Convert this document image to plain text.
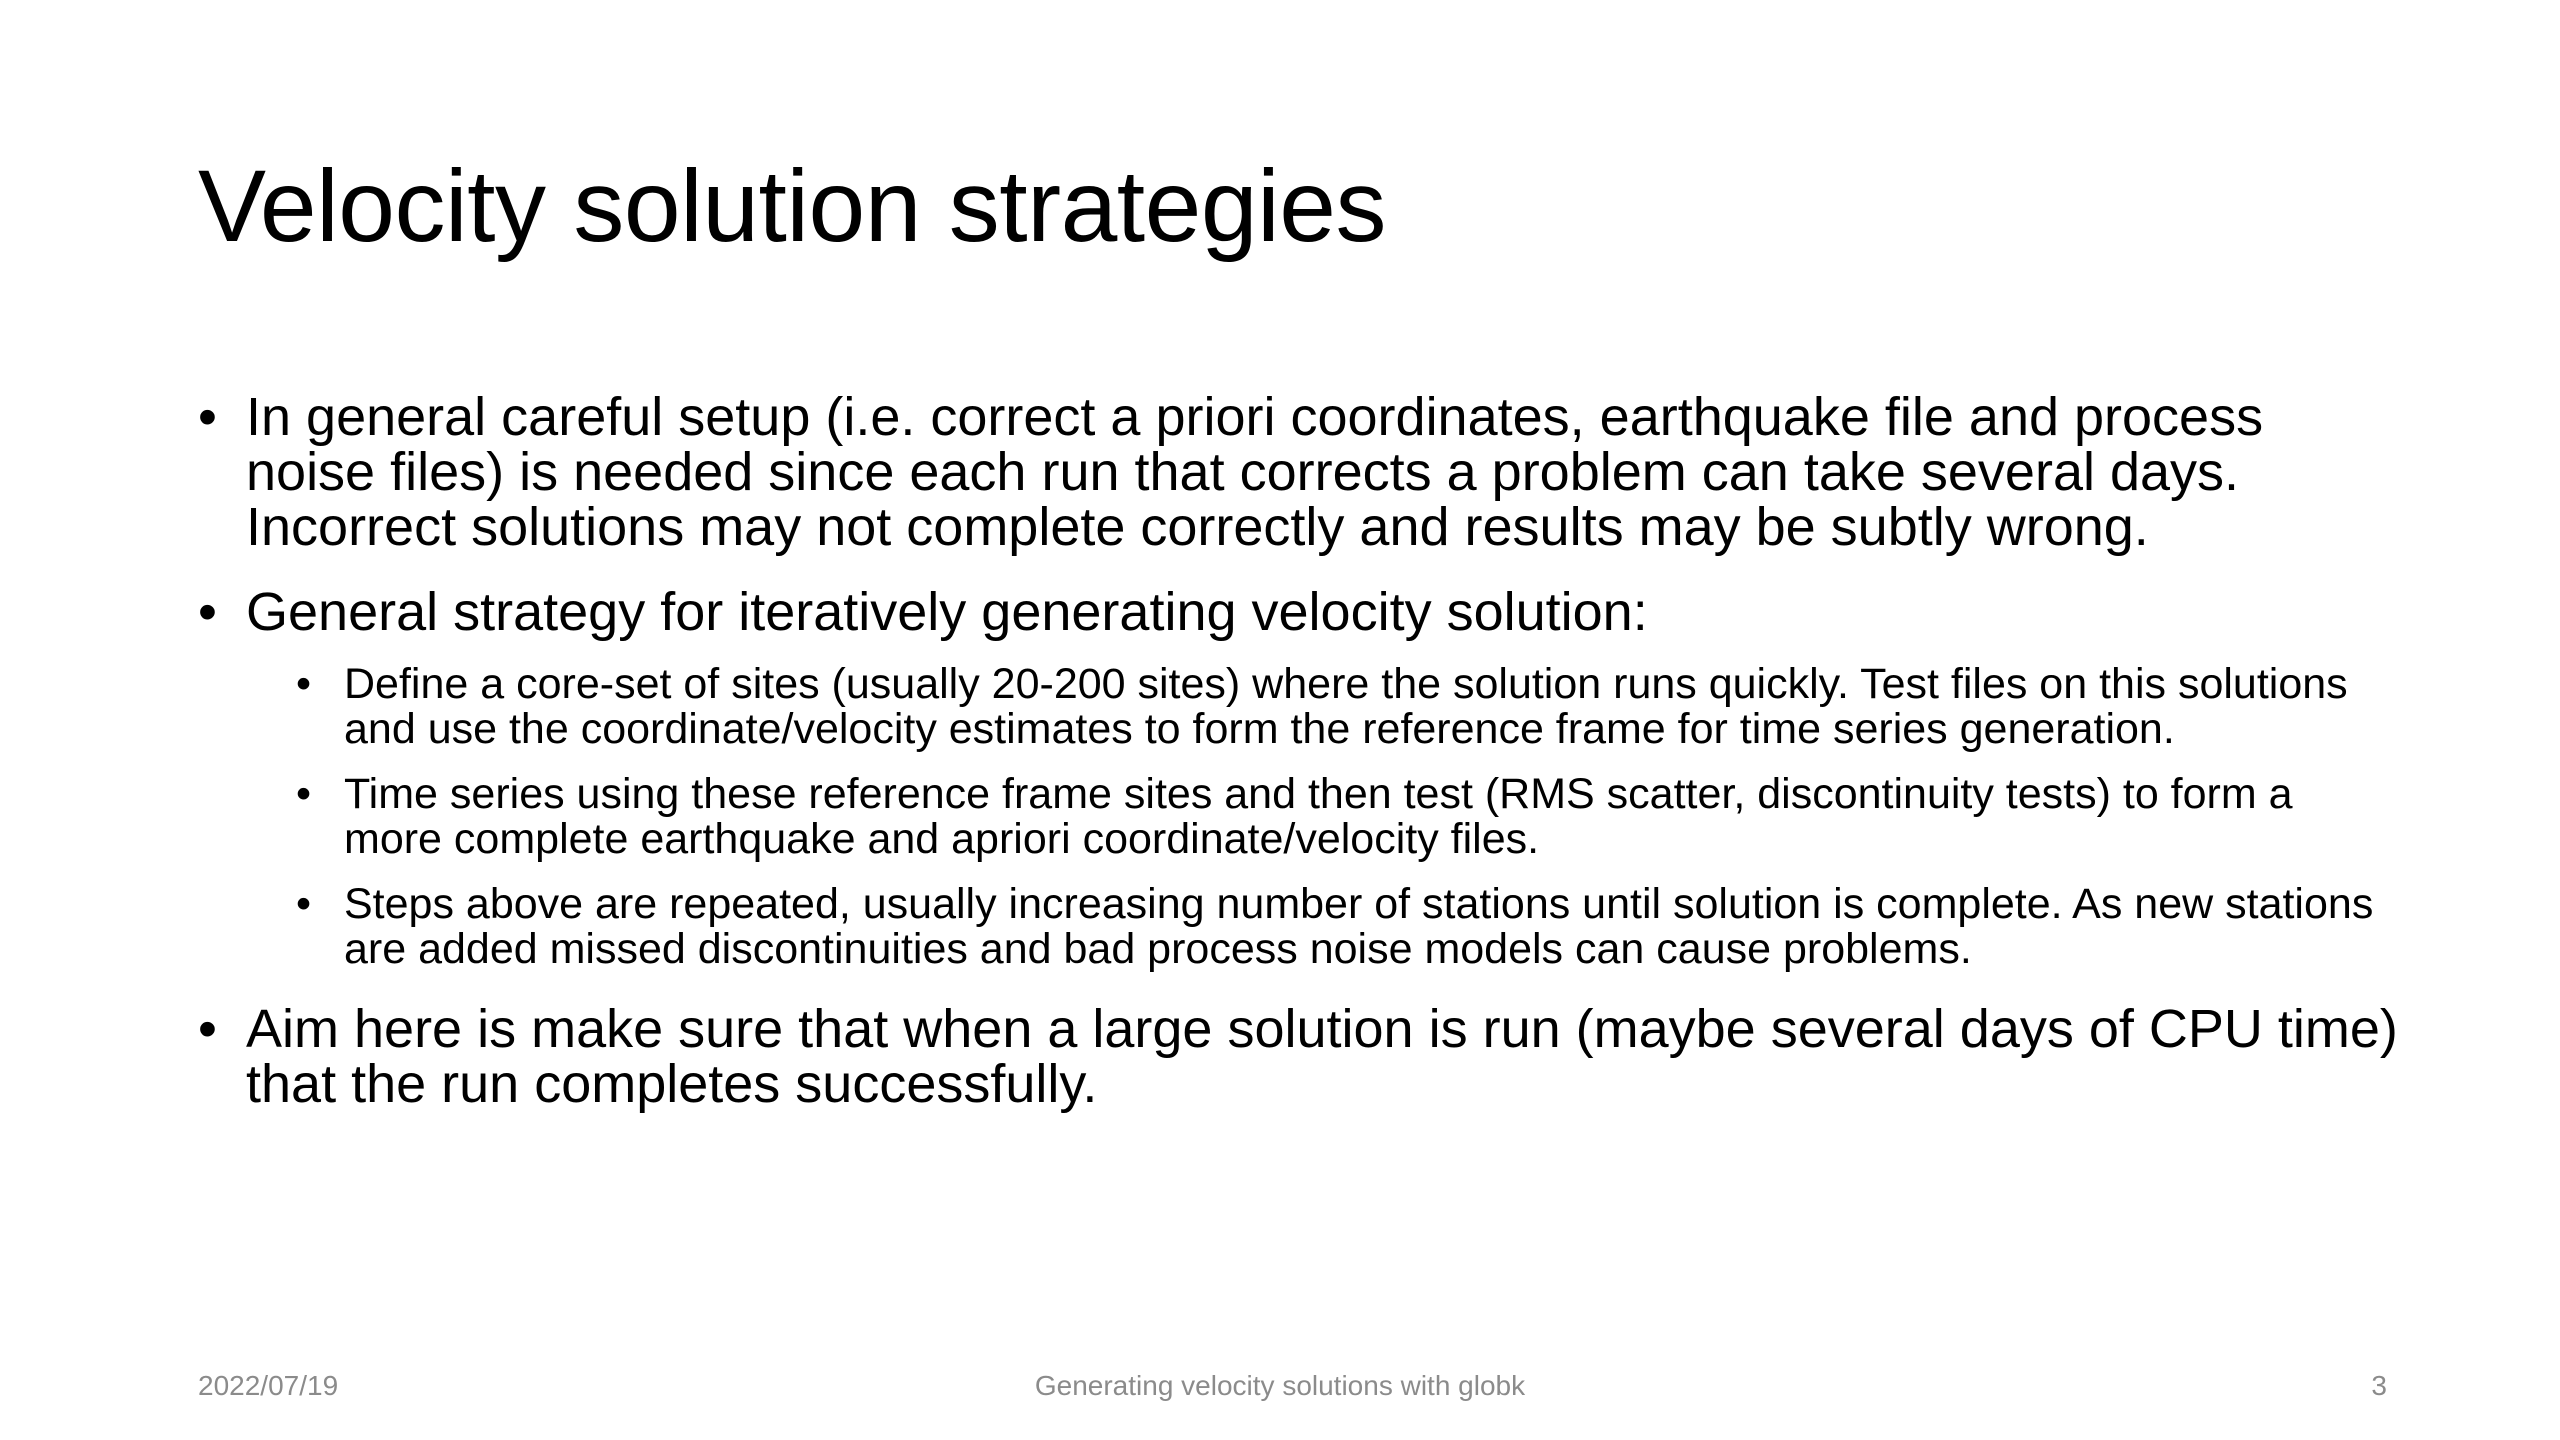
Velocity solution strategies
• In general careful setup (i.e. correct a priori coordinates, earthquake file and process noise files) is needed since each run that corrects a problem can take several days. Incorrect solutions may not complete correctly and results may be subtly wrong.
• General strategy for iteratively generating velocity solution:
• Define a core-set of sites (usually 20-200 sites) where the solution runs quickly. Test files on this solutions and use the coordinate/velocity estimates to form the reference frame for time series generation.
• Time series using these reference frame sites and then test (RMS scatter, discontinuity tests) to form a more complete earthquake and apriori coordinate/velocity files.
• Steps above are repeated, usually increasing number of stations until solution is complete. As new stations are added missed discontinuities and bad process noise models can cause problems.
• Aim here is make sure that when a large solution is run (maybe several days of CPU time) that the run completes successfully.
2022/07/19	Generating velocity solutions with globk	3
